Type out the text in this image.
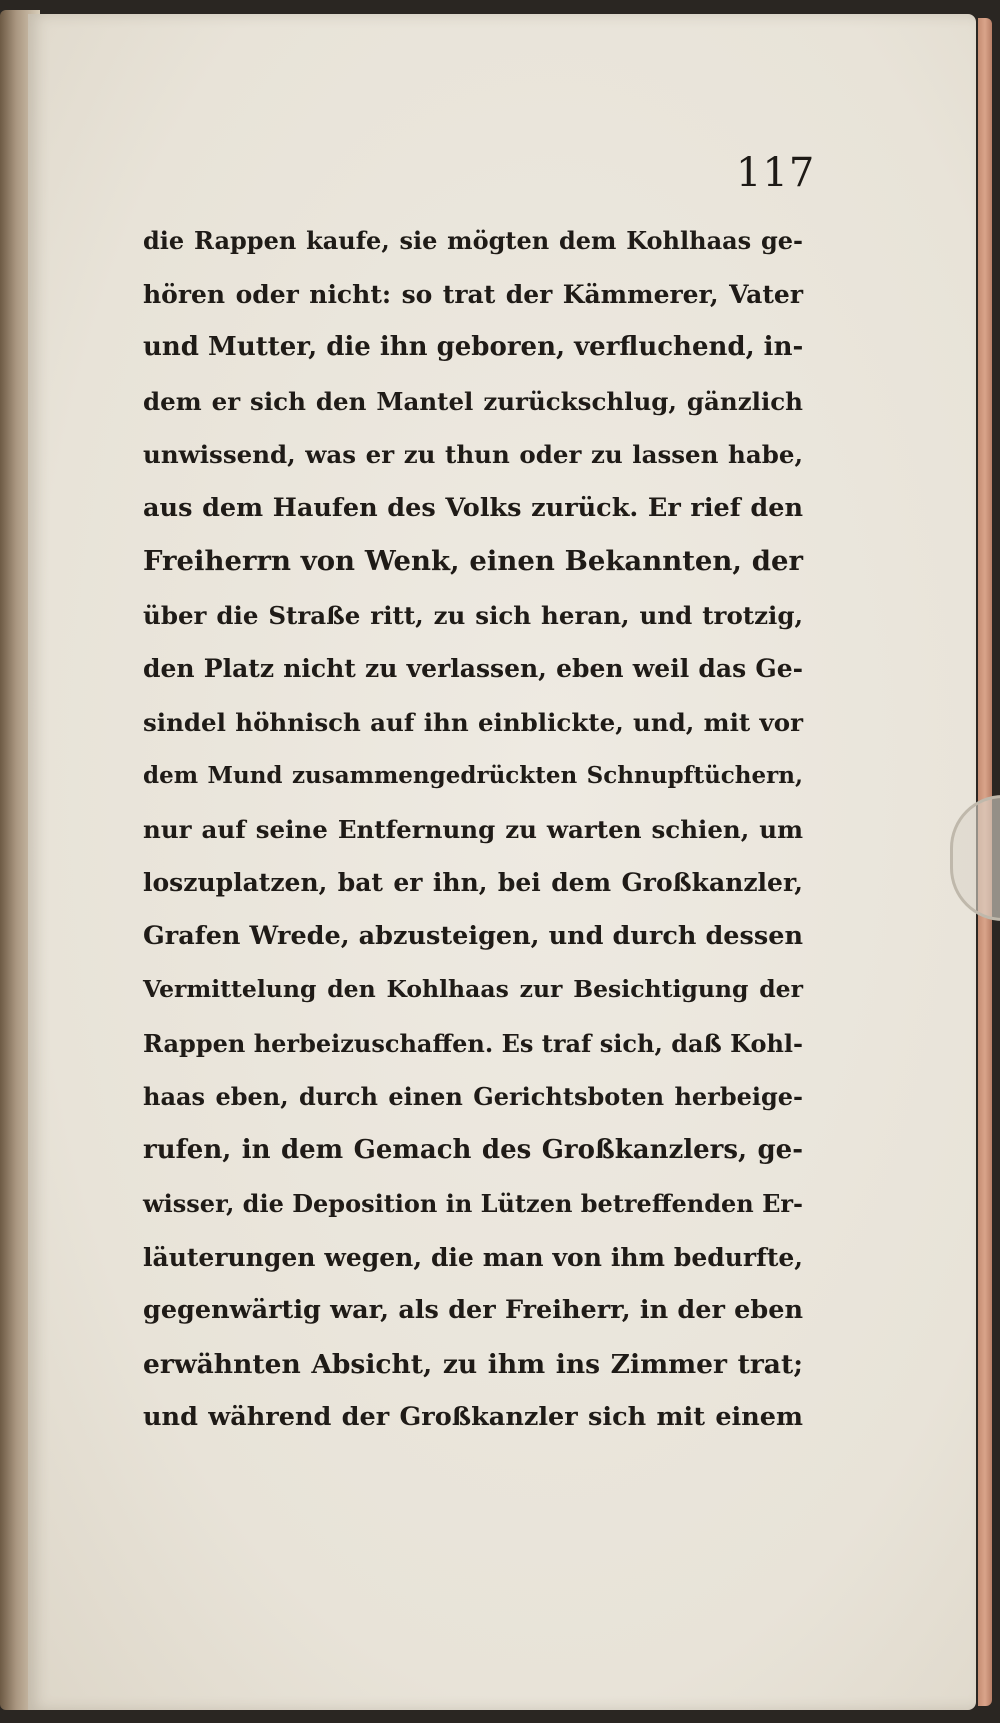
117
die Rappen kaufe, sie mögten dem Kohlhaas ge-
hören oder nicht: so trat der Kämmerer, Vater
und Mutter, die ihn geboren, verfluchend, in-
dem er sich den Mantel zurückschlug, gänzlich
unwissend, was er zu thun oder zu lassen habe,
aus dem Haufen des Volks zurück. Er rief den
Freiherrn von Wenk, einen Bekannten, der
über die Straße ritt, zu sich heran, und trotzig,
den Platz nicht zu verlassen, eben weil das Ge-
sindel höhnisch auf ihn einblickte, und, mit vor
dem Mund zusammengedrückten Schnupftüchern,
nur auf seine Entfernung zu warten schien, um
loszuplatzen, bat er ihn, bei dem Großkanzler,
Grafen Wrede, abzusteigen, und durch dessen
Vermittelung den Kohlhaas zur Besichtigung der
Rappen herbeizuschaffen. Es traf sich, daß Kohl-
haas eben, durch einen Gerichtsboten herbeige-
rufen, in dem Gemach des Großkanzlers, ge-
wisser, die Deposition in Lützen betreffenden Er-
läuterungen wegen, die man von ihm bedurfte,
gegenwärtig war, als der Freiherr, in der eben
erwähnten Absicht, zu ihm ins Zimmer trat;
und während der Großkanzler sich mit einem
